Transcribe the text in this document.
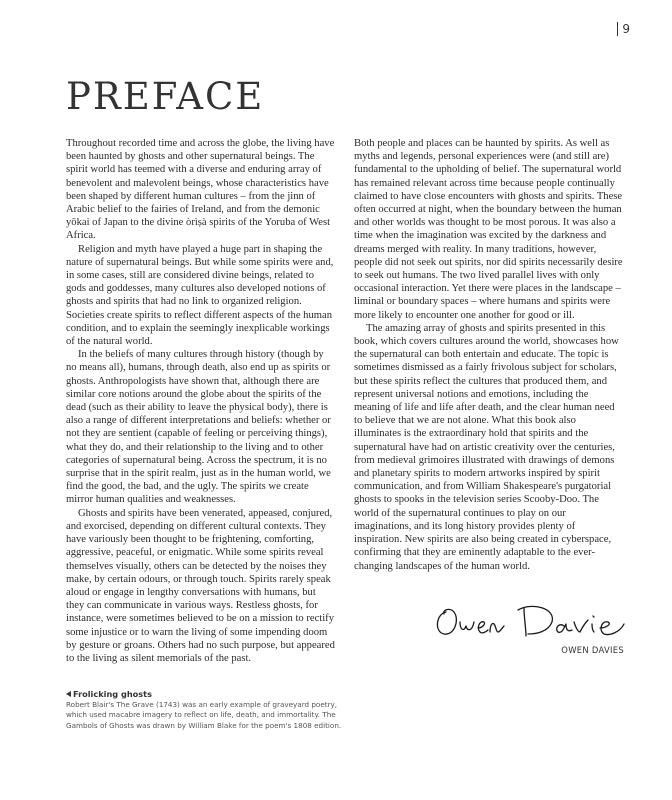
9
PREFACE

Throughout recorded time and across the globe, the living have been haunted by ghosts and other supernatural beings. The spirit world has teemed with a diverse and enduring array of benevolent and malevolent beings, whose characteristics have been shaped by different human cultures – from the jinn of Arabic belief to the fairies of Ireland, and from the demonic yōkai of Japan to the divine òrìṣà spirits of the Yoruba of West Africa.

Religion and myth have played a huge part in shaping the nature of supernatural beings. But while some spirits were and, in some cases, still are considered divine beings, related to gods and goddesses, many cultures also developed notions of ghosts and spirits that had no link to organized religion. Societies create spirits to reflect different aspects of the human condition, and to explain the seemingly inexplicable workings of the natural world.

In the beliefs of many cultures through history (though by no means all), humans, through death, also end up as spirits or ghosts. Anthropologists have shown that, although there are similar core notions around the globe about the spirits of the dead (such as their ability to leave the physical body), there is also a range of different interpretations and beliefs: whether or not they are sentient (capable of feeling or perceiving things), what they do, and their relationship to the living and to other categories of supernatural being. Across the spectrum, it is no surprise that in the spirit realm, just as in the human world, we find the good, the bad, and the ugly. The spirits we create mirror human qualities and weaknesses.

Ghosts and spirits have been venerated, appeased, conjured, and exorcised, depending on different cultural contexts. They have variously been thought to be frightening, comforting, aggressive, peaceful, or enigmatic. While some spirits reveal themselves visually, others can be detected by the noises they make, by certain odours, or through touch. Spirits rarely speak aloud or engage in lengthy conversations with humans, but they can communicate in various ways. Restless ghosts, for instance, were sometimes believed to be on a mission to rectify some injustice or to warn the living of some impending doom by gesture or groans. Others had no such purpose, but appeared to the living as silent memorials of the past.

Both people and places can be haunted by spirits. As well as myths and legends, personal experiences were (and still are) fundamental to the upholding of belief. The supernatural world has remained relevant across time because people continually claimed to have close encounters with ghosts and spirits. These often occurred at night, when the boundary between the human and other worlds was thought to be most porous. It was also a time when the imagination was excited by the darkness and dreams merged with reality. In many traditions, however, people did not seek out spirits, nor did spirits necessarily desire to seek out humans. The two lived parallel lives with only occasional interaction. Yet there were places in the landscape – liminal or boundary spaces – where humans and spirits were more likely to encounter one another for good or ill.

The amazing array of ghosts and spirits presented in this book, which covers cultures around the world, showcases how the supernatural can both entertain and educate. The topic is sometimes dismissed as a fairly frivolous subject for scholars, but these spirits reflect the cultures that produced them, and represent universal notions and emotions, including the meaning of life and life after death, and the clear human need to believe that we are not alone. What this book also illuminates is the extraordinary hold that spirits and the supernatural have had on artistic creativity over the centuries, from medieval grimoires illustrated with drawings of demons and planetary spirits to modern artworks inspired by spirit communication, and from William Shakespeare's purgatorial ghosts to spooks in the television series Scooby-Doo. The world of the supernatural continues to play on our imaginations, and its long history provides plenty of inspiration. New spirits are also being created in cyberspace, confirming that they are eminently adaptable to the ever-changing landscapes of the human world.

OWEN DAVIES
Frolicking ghosts
Robert Blair's The Grave (1743) was an early example of graveyard poetry, which used macabre imagery to reflect on life, death, and immortality. The Gambols of Ghosts was drawn by William Blake for the poem's 1808 edition.
